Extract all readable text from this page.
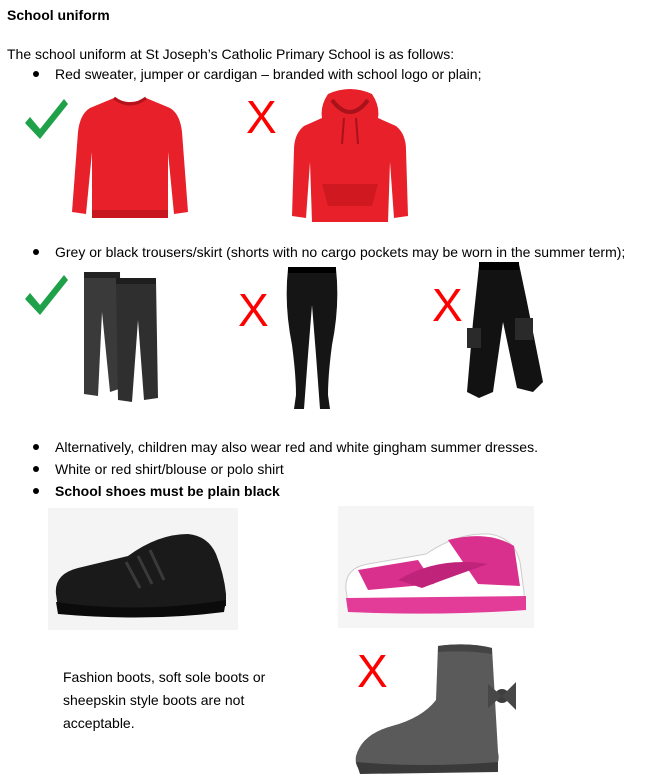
School uniform
The school uniform at St Joseph’s Catholic Primary School is as follows:
Red sweater, jumper or cardigan – branded with school logo or plain;
Grey or black trousers/skirt (shorts with no cargo pockets may be worn in the summer term);
Alternatively, children may also wear red and white gingham summer dresses.
White or red shirt/blouse or polo shirt
School shoes must be plain black
Fashion boots, soft sole boots or
sheepskin style boots are not
acceptable.
X
X	X
X
